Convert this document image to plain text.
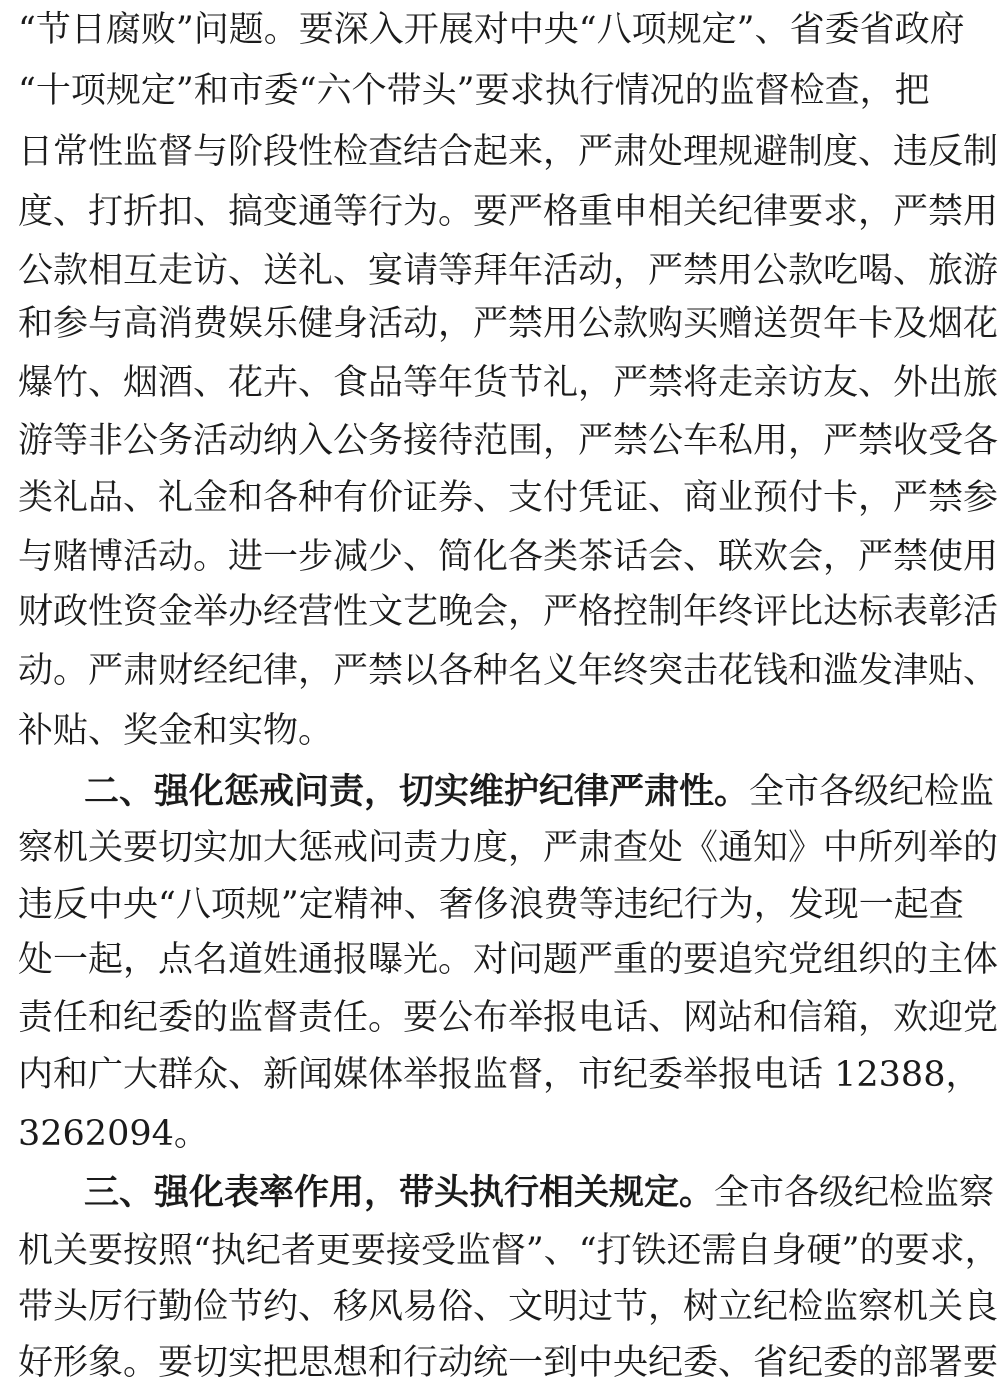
“节日腐败”问题。要深入开展对中央“八项规定”、省委省政府
“十项规定”和市委“六个带头”要求执行情况的监督检查，把
日常性监督与阶段性检查结合起来，严肃处理规避制度、违反制
度、打折扣、搞变通等行为。要严格重申相关纪律要求，严禁用
公款相互走访、送礼、宴请等拜年活动，严禁用公款吃喝、旅游
和参与高消费娱乐健身活动，严禁用公款购买赠送贺年卡及烟花
爆竹、烟酒、花卉、食品等年货节礼，严禁将走亲访友、外出旅
游等非公务活动纳入公务接待范围，严禁公车私用，严禁收受各
类礼品、礼金和各种有价证券、支付凭证、商业预付卡，严禁参
与赌博活动。进一步减少、简化各类茶话会、联欢会，严禁使用
财政性资金举办经营性文艺晚会，严格控制年终评比达标表彰活
动。严肃财经纪律，严禁以各种名义年终突击花钱和滥发津贴、
补贴、奖金和实物。
二、强化惩戒问责，切实维护纪律严肃性。全市各级纪检监
察机关要切实加大惩戒问责力度，严肃查处《通知》中所列举的
违反中央“八项规”定精神、奢侈浪费等违纪行为，发现一起查
处一起，点名道姓通报曝光。对问题严重的要追究党组织的主体
责任和纪委的监督责任。要公布举报电话、网站和信箱，欢迎党
内和广大群众、新闻媒体举报监督，市纪委举报电话 12388，
3262094。
三、强化表率作用，带头执行相关规定。全市各级纪检监察
机关要按照“执纪者更要接受监督”、“打铁还需自身硬”的要求，
带头厉行勤俭节约、移风易俗、文明过节，树立纪检监察机关良
好形象。要切实把思想和行动统一到中央纪委、省纪委的部署要
